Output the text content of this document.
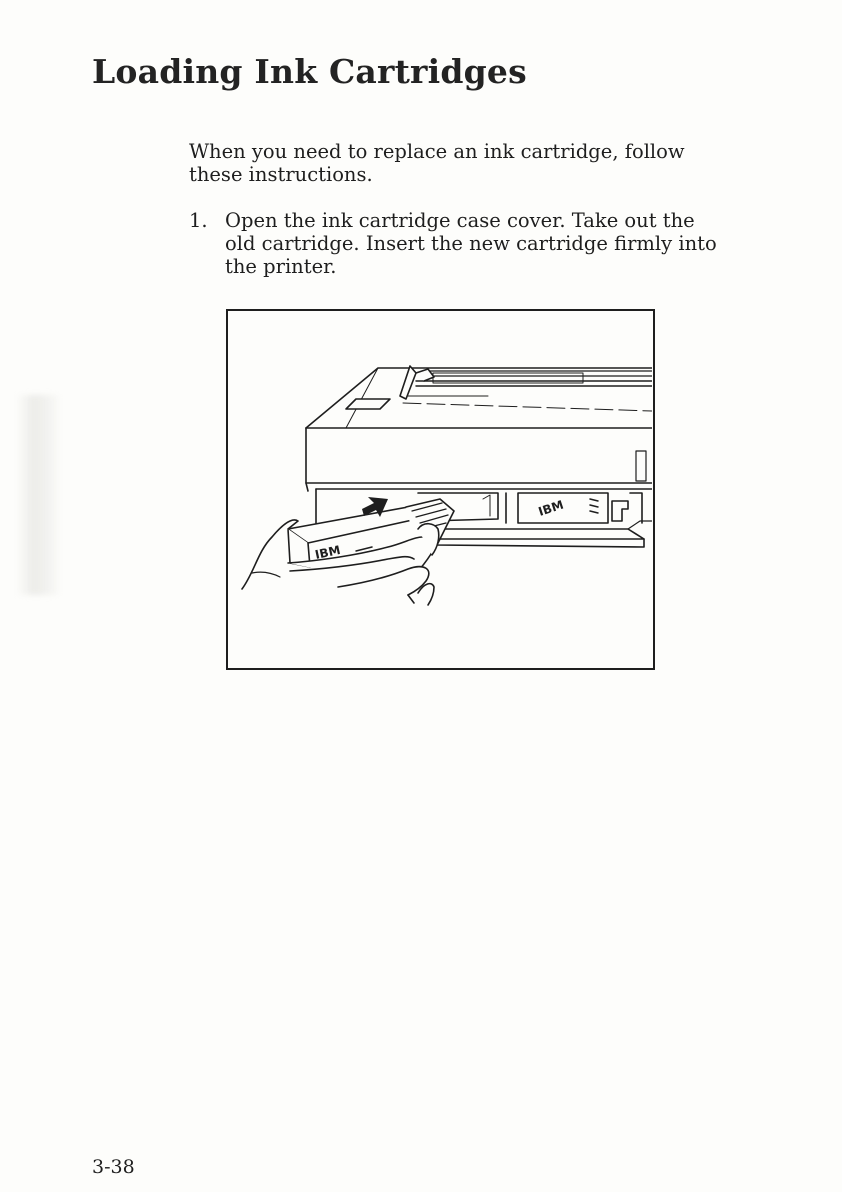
Loading Ink Cartridges

When you need to replace an ink cartridge, follow these instructions.

1. Open the ink cartridge case cover. Take out the old cartridge. Insert the new cartridge firmly into the printer.
IBM
IBM
3-38
